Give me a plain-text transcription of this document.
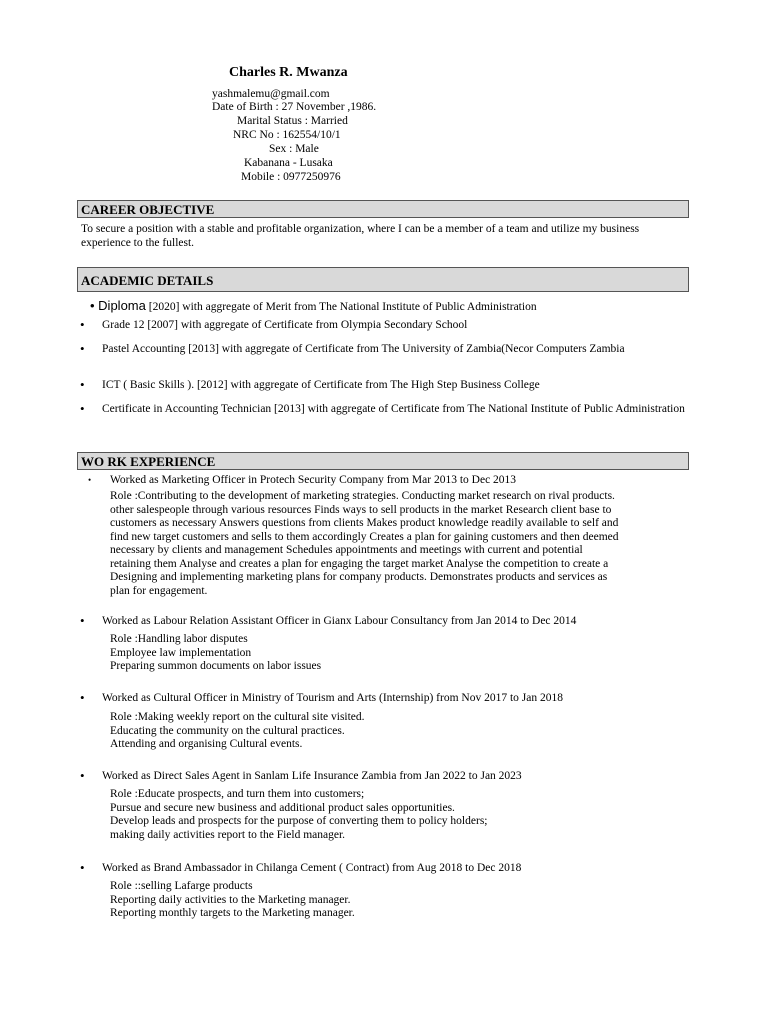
Charles R. Mwanza
yashmalemu@gmail.com
Date of Birth : 27 November ,1986.
Marital Status : Married
NRC No : 162554/10/1
Sex : Male
Kabanana - Lusaka
Mobile : 0977250976
CAREER OBJECTIVE
To secure a position with a stable and profitable organization, where I can be a member of a team and utilize my business experience to the fullest.
ACADEMIC DETAILS
• Diploma [2020] with aggregate of Merit from The National Institute of Public Administration
• Grade 12 [2007] with aggregate of Certificate from Olympia Secondary School
• Pastel Accounting [2013] with aggregate of Certificate from The University of Zambia(Necor Computers Zambia
• ICT ( Basic Skills ). [2012] with aggregate of Certificate from The High Step Business College
• Certificate in Accounting Technician [2013] with aggregate of Certificate from The National Institute of Public Administration
WO RK EXPERIENCE
• Worked as Marketing Officer in Protech Security Company from Mar 2013 to Dec 2013
Role :Contributing to the development of marketing strategies. Conducting market research on rival products.
other salespeople through various resources Finds ways to sell products in the market Research client base to
customers as necessary Answers questions from clients Makes product knowledge readily available to self and
find new target customers and sells to them accordingly Creates a plan for gaining customers and then deemed
necessary by clients and management Schedules appointments and meetings with current and potential
retaining them Analyse and creates a plan for engaging the target market Analyse the competition to create a
Designing and implementing marketing plans for company products. Demonstrates products and services as
plan for engagement.
• Worked as Labour Relation Assistant Officer in Gianx Labour Consultancy from Jan 2014 to Dec 2014
Role :Handling labor disputes
Employee law implementation
Preparing summon documents on labor issues
• Worked as Cultural Officer in Ministry of Tourism and Arts (Internship) from Nov 2017 to Jan 2018
Role :Making weekly report on the cultural site visited.
Educating the community on the cultural practices.
Attending and organising Cultural events.
• Worked as Direct Sales Agent in Sanlam Life Insurance Zambia from Jan 2022 to Jan 2023
Role :Educate prospects, and turn them into customers;
Pursue and secure new business and additional product sales opportunities.
Develop leads and prospects for the purpose of converting them to policy holders;
making daily activities report to the Field manager.
• Worked as Brand Ambassador in Chilanga Cement ( Contract) from Aug 2018 to Dec 2018
Role ::selling Lafarge products
Reporting daily activities to the Marketing manager.
Reporting monthly targets to the Marketing manager.
